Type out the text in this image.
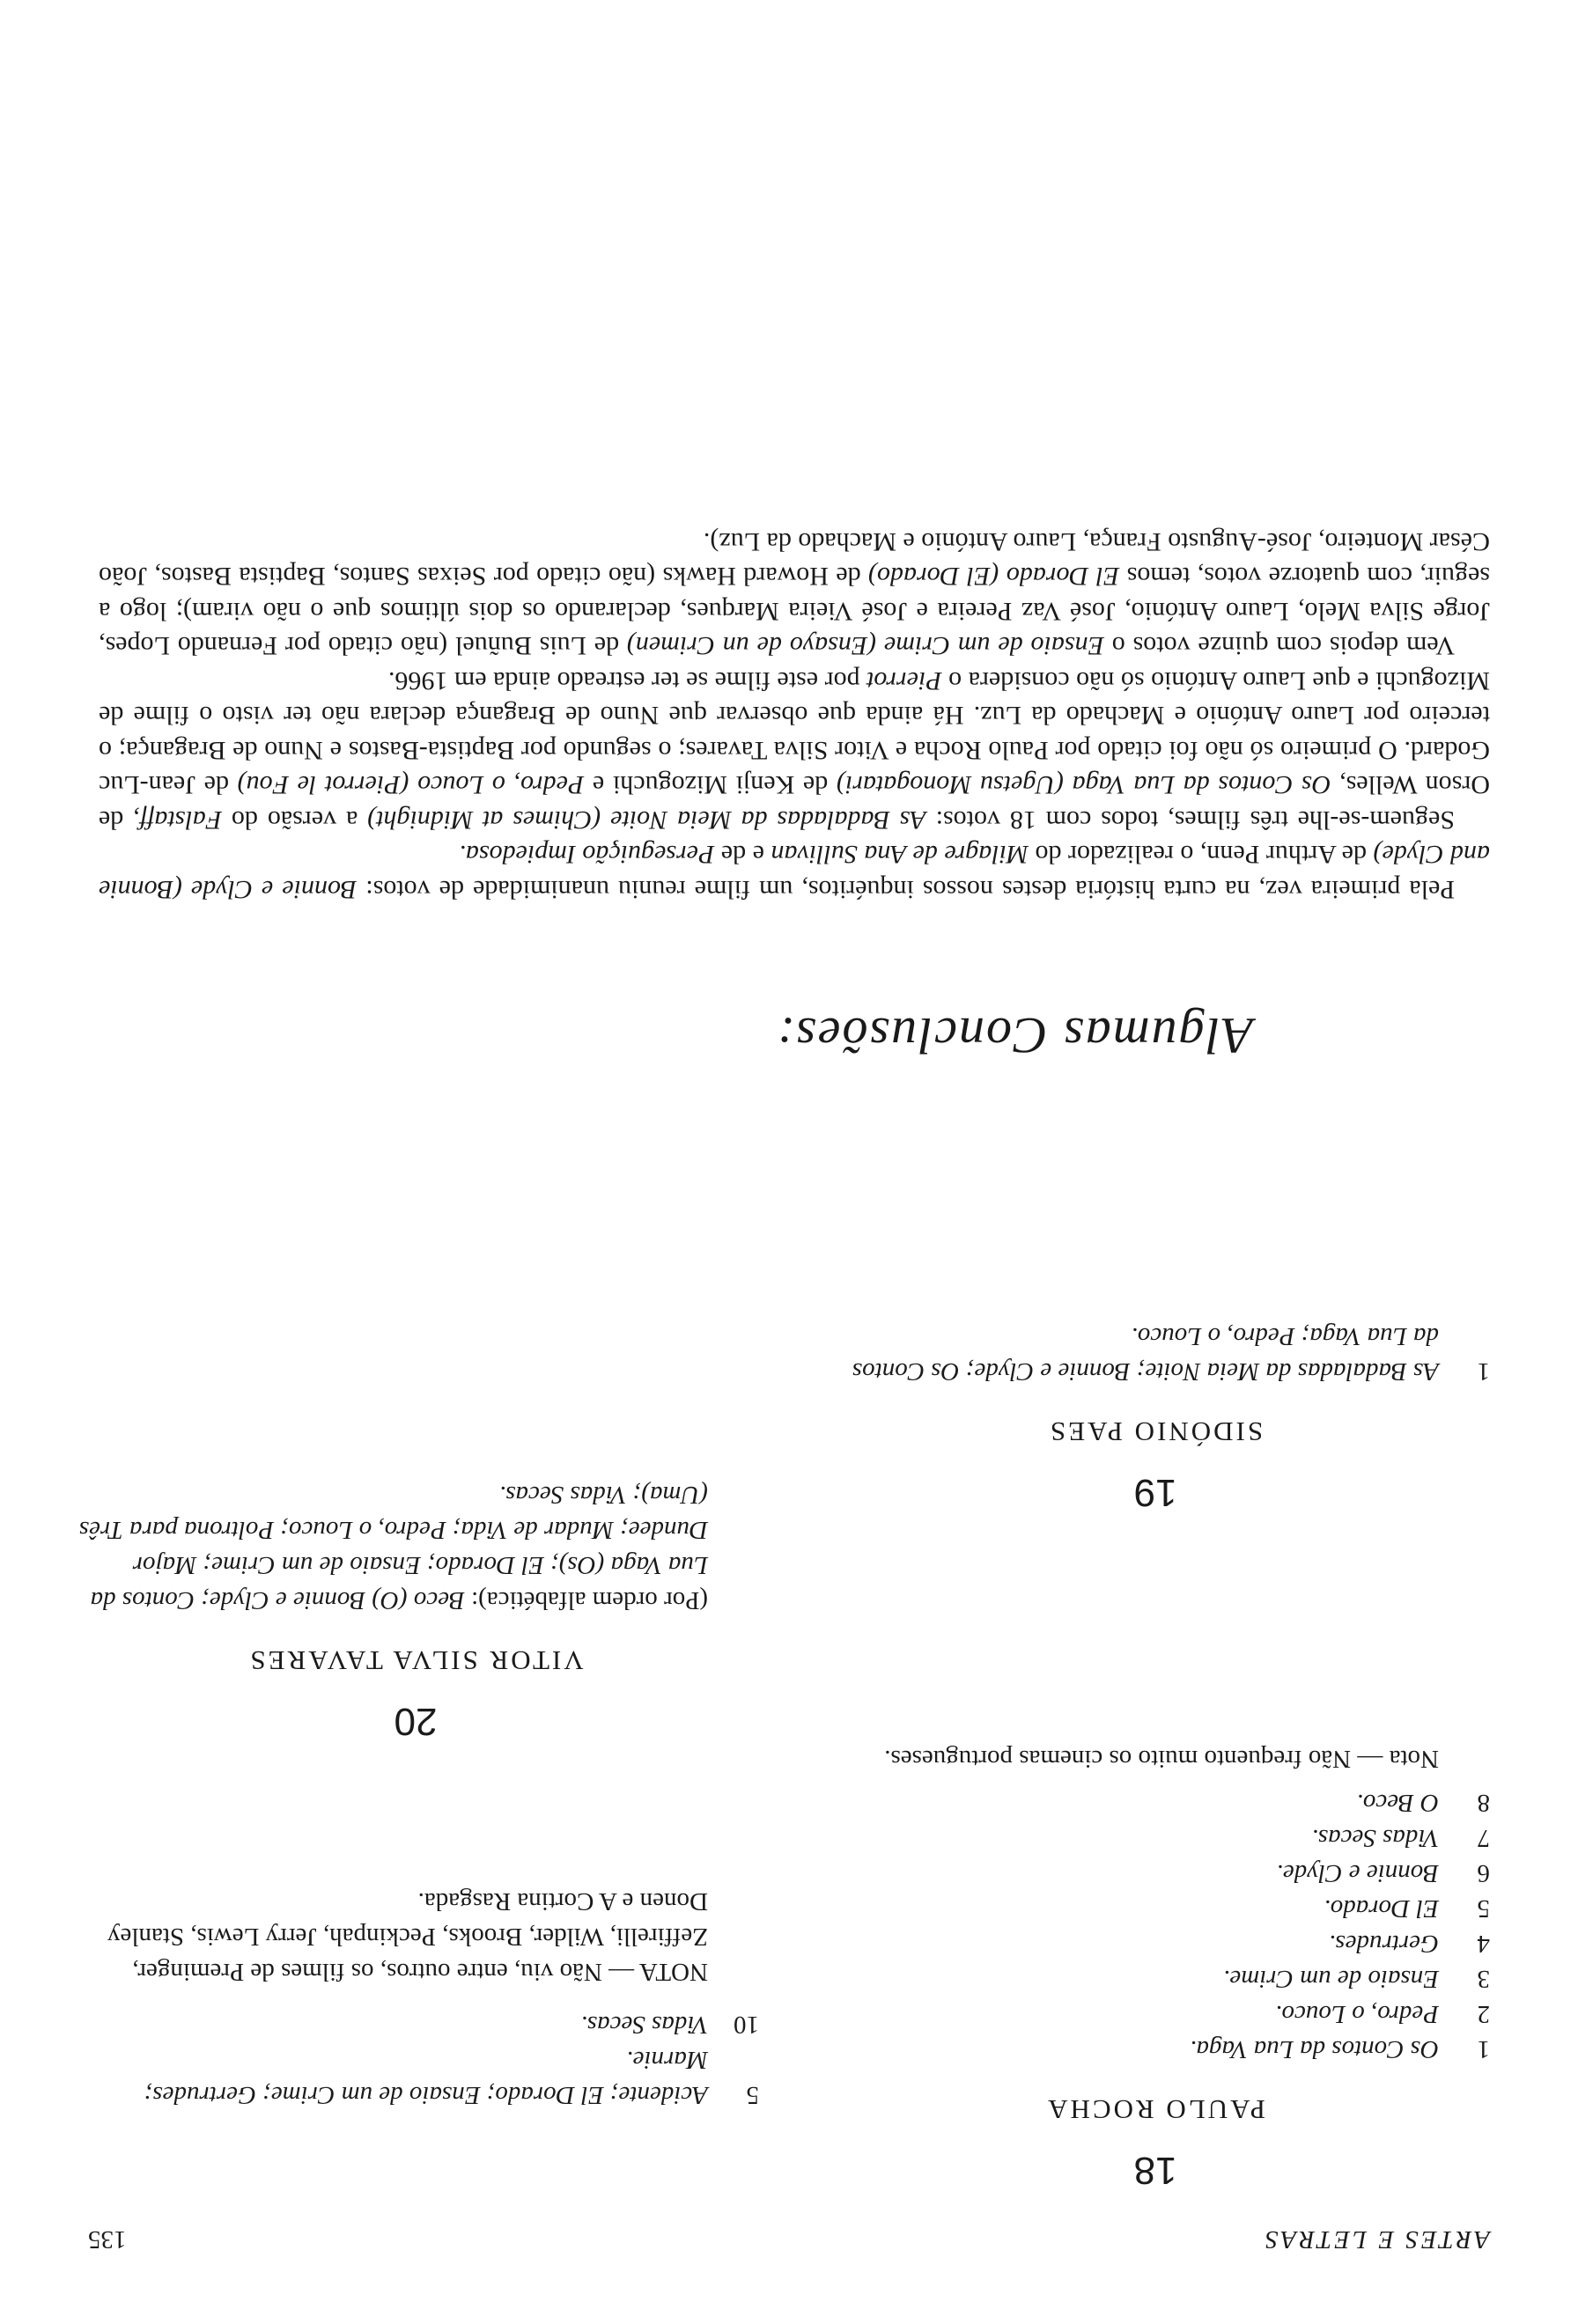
ARTES E LETRAS
135
18
PAULO ROCHA
1
Os Contos da Lua Vaga.
2
Pedro, o Louco.
3
Ensaio de um Crime.
4
Gertrudes.
5
El Dorado.
6
Bonnie e Clyde.
7
Vidas Secas.
8
O Beco.
Nota — Não frequento muito os cinemas portugueses.
19
SIDÓNIO PAES
1
As Badaladas da Meia Noite; Bonnie e Clyde; Os Contos da Lua Vaga; Pedro, o Louco.
5
Acidente; El Dorado; Ensaio de um Crime; Gertrudes; Marnie.
10
Vidas Secas.
NOTA — Não viu, entre outros, os filmes de Preminger, Zeffirelli, Wilder, Brooks, Peckinpah, Jerry Lewis, Stanley Donen e A Cortina Rasgada.
20
VITOR SILVA TAVARES
(Por ordem alfabética): Beco (O) Bonnie e Clyde; Contos da Lua Vaga (Os); El Dorado; Ensaio de um Crime; Major Dundee; Mudar de Vida; Pedro, o Louco; Poltrona para Três (Uma); Vidas Secas.
Algumas Conclusões:

Pela primeira vez, na curta história destes nossos inquéritos, um filme reuniu unanimidade de votos: Bonnie e Clyde (Bonnie and Clyde) de Arthur Penn, o realizador do Milagre de Ana Sullivan e de Perseguição Impiedosa.

Seguem-se-lhe três filmes, todos com 18 votos: As Badaladas da Meia Noite (Chimes at Midnight) a versão do Falstaff, de Orson Welles, Os Contos da Lua Vaga (Ugetsu Monogatari) de Kenji Mizoguchi e Pedro, o Louco (Pierrot le Fou) de Jean-Luc Godard. O primeiro só não foi citado por Paulo Rocha e Vitor Silva Tavares; o segundo por Baptista-Bastos e Nuno de Bragança; o terceiro por Lauro António e Machado da Luz. Há ainda que observar que Nuno de Bragança declara não ter visto o filme de Mizoguchi e que Lauro António só não considera o Pierrot por este filme se ter estreado ainda em 1966.

Vem depois com quinze votos o Ensaio de um Crime (Ensayo de un Crimen) de Luis Buñuel (não citado por Fernando Lopes, Jorge Silva Melo, Lauro António, José Vaz Pereira e José Vieira Marques, declarando os dois últimos que o não viram); logo a seguir, com quatorze votos, temos El Dorado (El Dorado) de Howard Hawks (não citado por Seixas Santos, Baptista Bastos, João César Monteiro, José-Augusto França, Lauro António e Machado da Luz).
